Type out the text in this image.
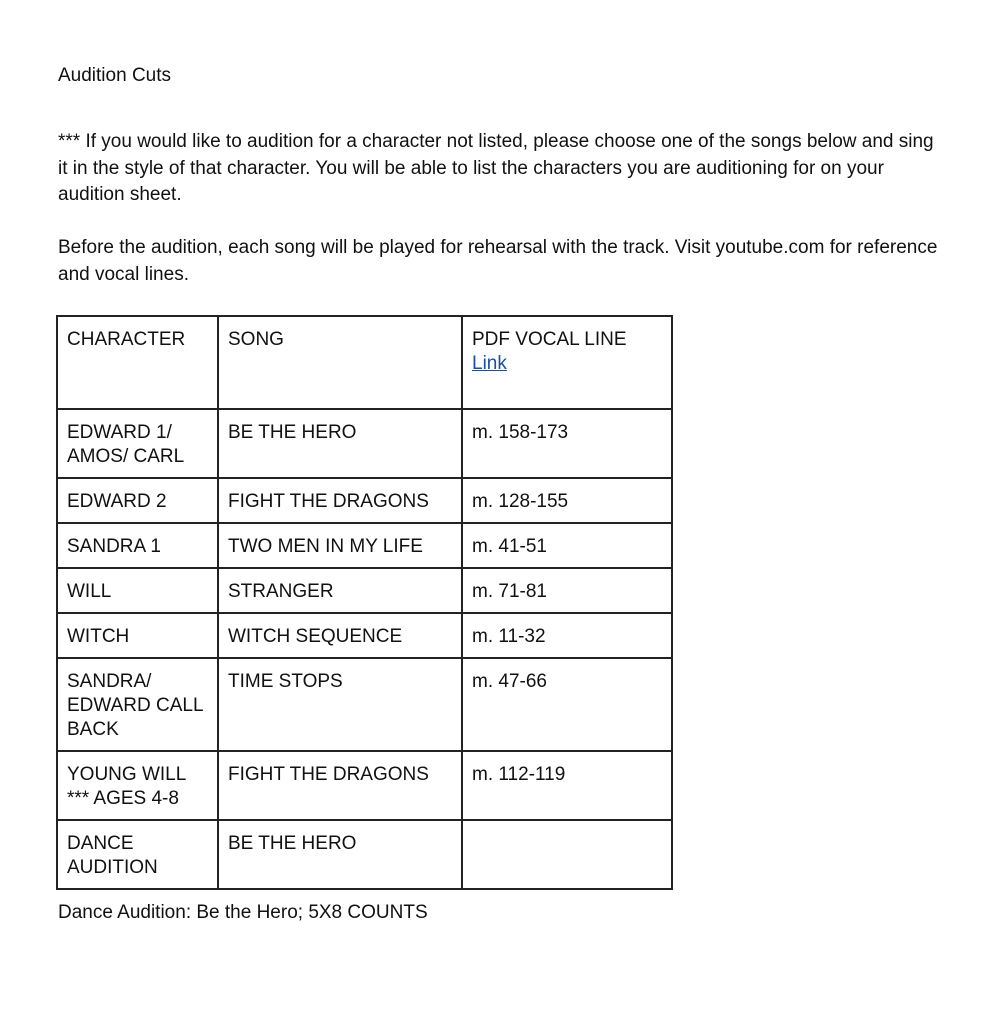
Audition Cuts

*** If you would like to audition for a character not listed, please choose one of the songs below and sing it in the style of that character. You will be able to list the characters you are auditioning for on your audition sheet.

Before the audition, each song will be played for rehearsal with the track. Visit youtube.com for reference and vocal lines.

CHARACTER	SONG	PDF VOCAL LINE
Link

EDWARD 1/ AMOS/ CARL	BE THE HERO	m. 158-173
EDWARD 2	FIGHT THE DRAGONS	m. 128-155
SANDRA 1	TWO MEN IN MY LIFE	m. 41-51
WILL	STRANGER	m. 71-81
WITCH	WITCH SEQUENCE	m. 11-32
SANDRA/ EDWARD CALL BACK	TIME STOPS	m. 47-66
YOUNG WILL *** AGES 4-8	FIGHT THE DRAGONS	m. 112-119
DANCE AUDITION	BE THE HERO	

Dance Audition: Be the Hero; 5X8 COUNTS
